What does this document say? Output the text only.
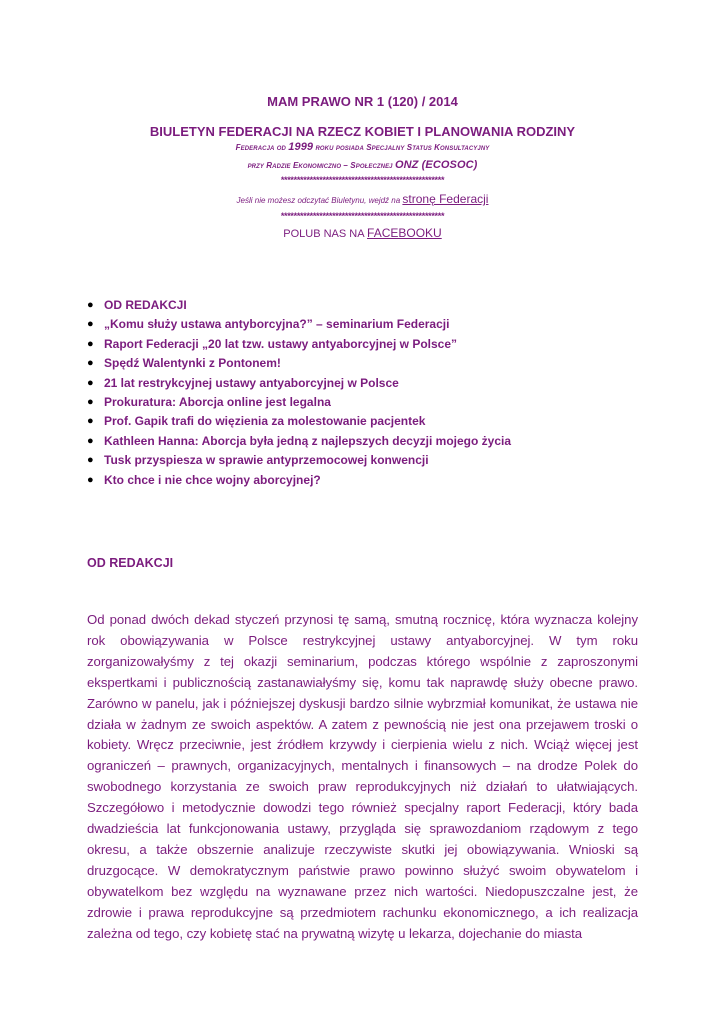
MAM PRAWO NR 1 (120) / 2014
BIULETYN FEDERACJI NA RZECZ KOBIET I PLANOWANIA RODZINY
Federacja od 1999 roku posiada Specjalny Status Konsultacyjny
przy Radzie Ekonomiczno – Społecznej ONZ (ECOSOC)
***************************************************
Jeśli nie możesz odczytać Biuletynu, wejdź na stronę Federacji
***************************************************
POLUB NAS NA FACEBOOKU
● OD REDAKCJI
● „Komu służy ustawa antyborcyjna?” – seminarium Federacji
● Raport Federacji „20 lat tzw. ustawy antyaborcyjnej w Polsce”
● Spędź Walentynki z Pontonem!
● 21 lat restrykcyjnej ustawy antyaborcyjnej w Polsce
● Prokuratura: Aborcja online jest legalna
● Prof. Gapik trafi do więzienia za molestowanie pacjentek
● Kathleen Hanna: Aborcja była jedną z najlepszych decyzji mojego życia
● Tusk przyspiesza w sprawie antyprzemocowej konwencji
● Kto chce i nie chce wojny aborcyjnej?
OD REDAKCJI

Od ponad dwóch dekad styczeń przynosi tę samą, smutną rocznicę, która wyznacza kolejny rok obowiązywania w Polsce restrykcyjnej ustawy antyaborcyjnej. W tym roku zorganizowałyśmy z tej okazji seminarium, podczas którego wspólnie z zaproszonymi ekspertkami i publicznością zastanawiałyśmy się, komu tak naprawdę służy obecne prawo. Zarówno w panelu, jak i późniejszej dyskusji bardzo silnie wybrzmiał komunikat, że ustawa nie działa w żadnym ze swoich aspektów. A zatem z pewnością nie jest ona przejawem troski o kobiety. Wręcz przeciwnie, jest źródłem krzywdy i cierpienia wielu z nich. Wciąż więcej jest ograniczeń – prawnych, organizacyjnych, mentalnych i finansowych – na drodze Polek do swobodnego korzystania ze swoich praw reprodukcyjnych niż działań to ułatwiających. Szczegółowo i metodycznie dowodzi tego również specjalny raport Federacji, który bada dwadzieścia lat funkcjonowania ustawy, przygląda się sprawozdaniom rządowym z tego okresu, a także obszernie analizuje rzeczywiste skutki jej obowiązywania. Wnioski są druzgocące. W demokratycznym państwie prawo powinno służyć swoim obywatelom i obywatelkom bez względu na wyznawane przez nich wartości. Niedopuszczalne jest, że zdrowie i prawa reprodukcyjne są przedmiotem rachunku ekonomicznego, a ich realizacja zależna od tego, czy kobietę stać na prywatną wizytę u lekarza, dojechanie do miasta
